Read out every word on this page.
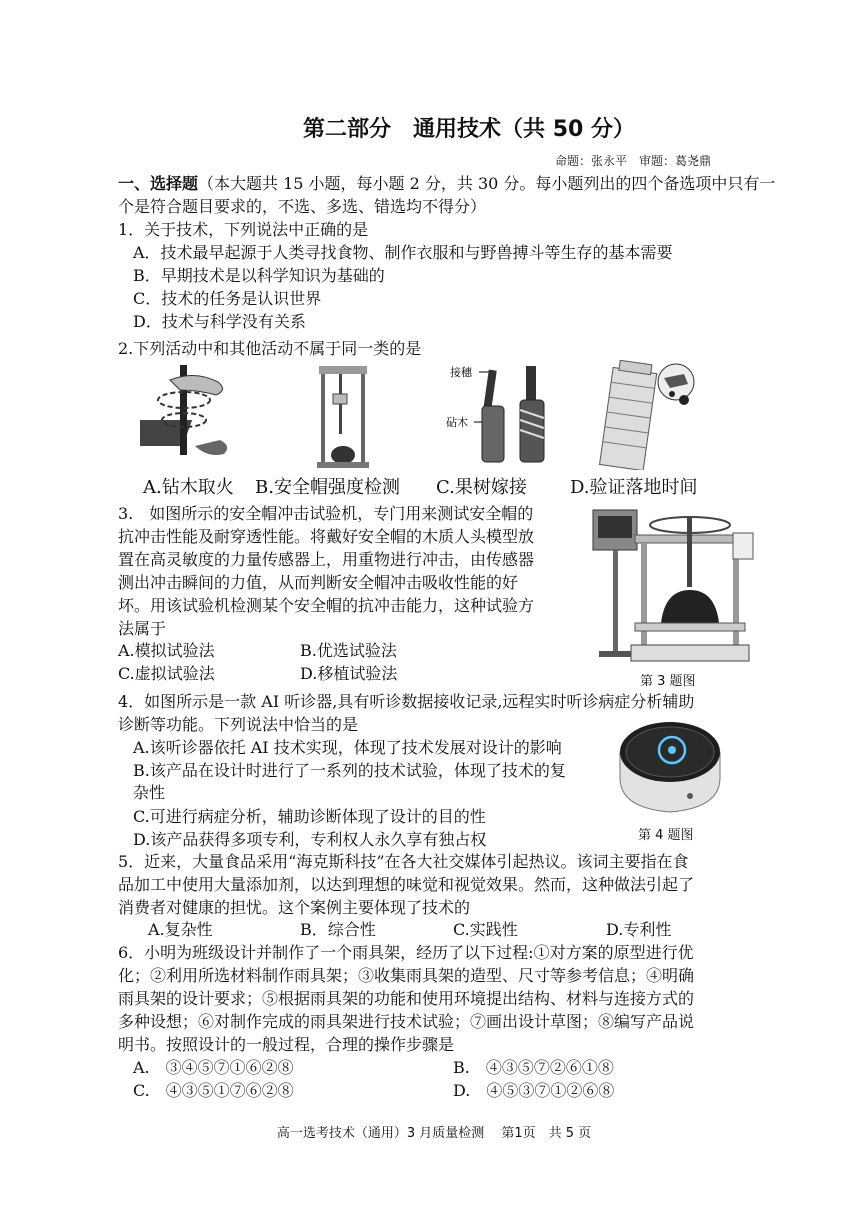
第二部分　通用技术（共 50 分）
命题：张永平　审题：葛尧鼎
一、选择题（本大题共 15 小题，每小题 2 分，共 30 分。每小题列出的四个备选项中只有一
个是符合题目要求的，不选、多选、错选均不得分）
1．关于技术，下列说法中正确的是
A．技术最早起源于人类寻找食物、制作衣服和与野兽搏斗等生存的基本需要
B．早期技术是以科学知识为基础的
C．技术的任务是认识世界
D．技术与科学没有关系
2.下列活动中和其他活动不属于同一类的是
接穗
砧木
A.钻木取火 B.安全帽强度检测 C.果树嫁接 D.验证落地时间
3.　如图所示的安全帽冲击试验机，专门用来测试安全帽的
抗冲击性能及耐穿透性能。将戴好安全帽的木质人头模型放
置在高灵敏度的力量传感器上，用重物进行冲击，由传感器
测出冲击瞬间的力值，从而判断安全帽冲击吸收性能的好
坏。用该试验机检测某个安全帽的抗冲击能力，这种试验方
法属于
A.模拟试验法	B.优选试验法
C.虚拟试验法	D.移植试验法	第 3 题图
4．如图所示是一款 AI 听诊器,具有听诊数据接收记录,远程实时听诊病症分析辅助
诊断等功能。下列说法中恰当的是
A.该听诊器依托 AI 技术实现，体现了技术发展对设计的影响
B.该产品在设计时进行了一系列的技术试验，体现了技术的复
杂性
C.可进行病症分析，辅助诊断体现了设计的目的性
D.该产品获得多项专利，专利权人永久享有独占权	第 4 题图
5．近来，大量食品采用“海克斯科技”在各大社交媒体引起热议。该词主要指在食
品加工中使用大量添加剂，以达到理想的味觉和视觉效果。然而，这种做法引起了
消费者对健康的担忧。这个案例主要体现了技术的
A.复杂性	B．综合性	C.实践性	D.专利性
6．小明为班级设计并制作了一个雨具架，经历了以下过程:①对方案的原型进行优
化；②利用所选材料制作雨具架；③收集雨具架的造型、尺寸等参考信息；④明确
雨具架的设计要求；⑤根据雨具架的功能和使用环境提出结构、材料与连接方式的
多种设想；⑥对制作完成的雨具架进行技术试验；⑦画出设计草图；⑧编写产品说
明书。按照设计的一般过程，合理的操作步骤是
A.　③④⑤⑦①⑥②⑧	B.　④③⑤⑦②⑥①⑧
C.　④③⑤①⑦⑥②⑧	D.　④⑤③⑦①②⑥⑧
高一选考技术（通用）3 月质量检测　 第1页　共 5 页
